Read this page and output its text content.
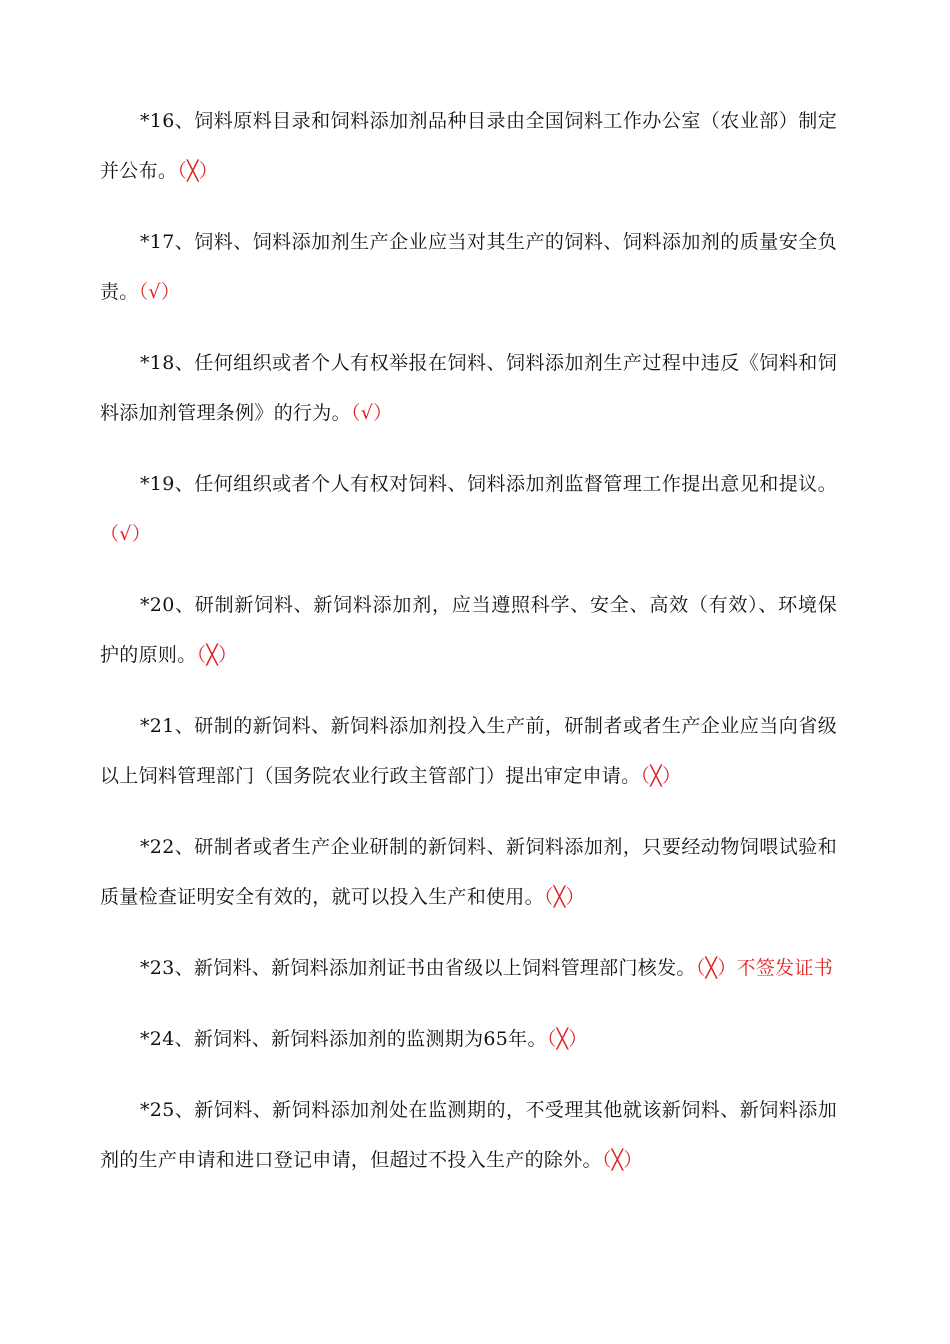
*16、饲料原料目录和饲料添加剂品种目录由全国饲料工作办公室（农业部）制定并公布。（╳）

*17、饲料、饲料添加剂生产企业应当对其生产的饲料、饲料添加剂的质量安全负责。（√）

*18、任何组织或者个人有权举报在饲料、饲料添加剂生产过程中违反《饲料和饲料添加剂管理条例》的行为。（√）

*19、任何组织或者个人有权对饲料、饲料添加剂监督管理工作提出意见和提议。（√）

*20、研制新饲料、新饲料添加剂，应当遵照科学、安全、高效（有效）、环境保护的原则。（╳）

*21、研制的新饲料、新饲料添加剂投入生产前，研制者或者生产企业应当向省级以上饲料管理部门（国务院农业行政主管部门）提出审定申请。（╳）

*22、研制者或者生产企业研制的新饲料、新饲料添加剂，只要经动物饲喂试验和质量检查证明安全有效的，就可以投入生产和使用。（╳）

*23、新饲料、新饲料添加剂证书由省级以上饲料管理部门核发。（╳）不签发证书

*24、新饲料、新饲料添加剂的监测期为65年。（╳）

*25、新饲料、新饲料添加剂处在监测期的，不受理其他就该新饲料、新饲料添加剂的生产申请和进口登记申请，但超过不投入生产的除外。（╳）
